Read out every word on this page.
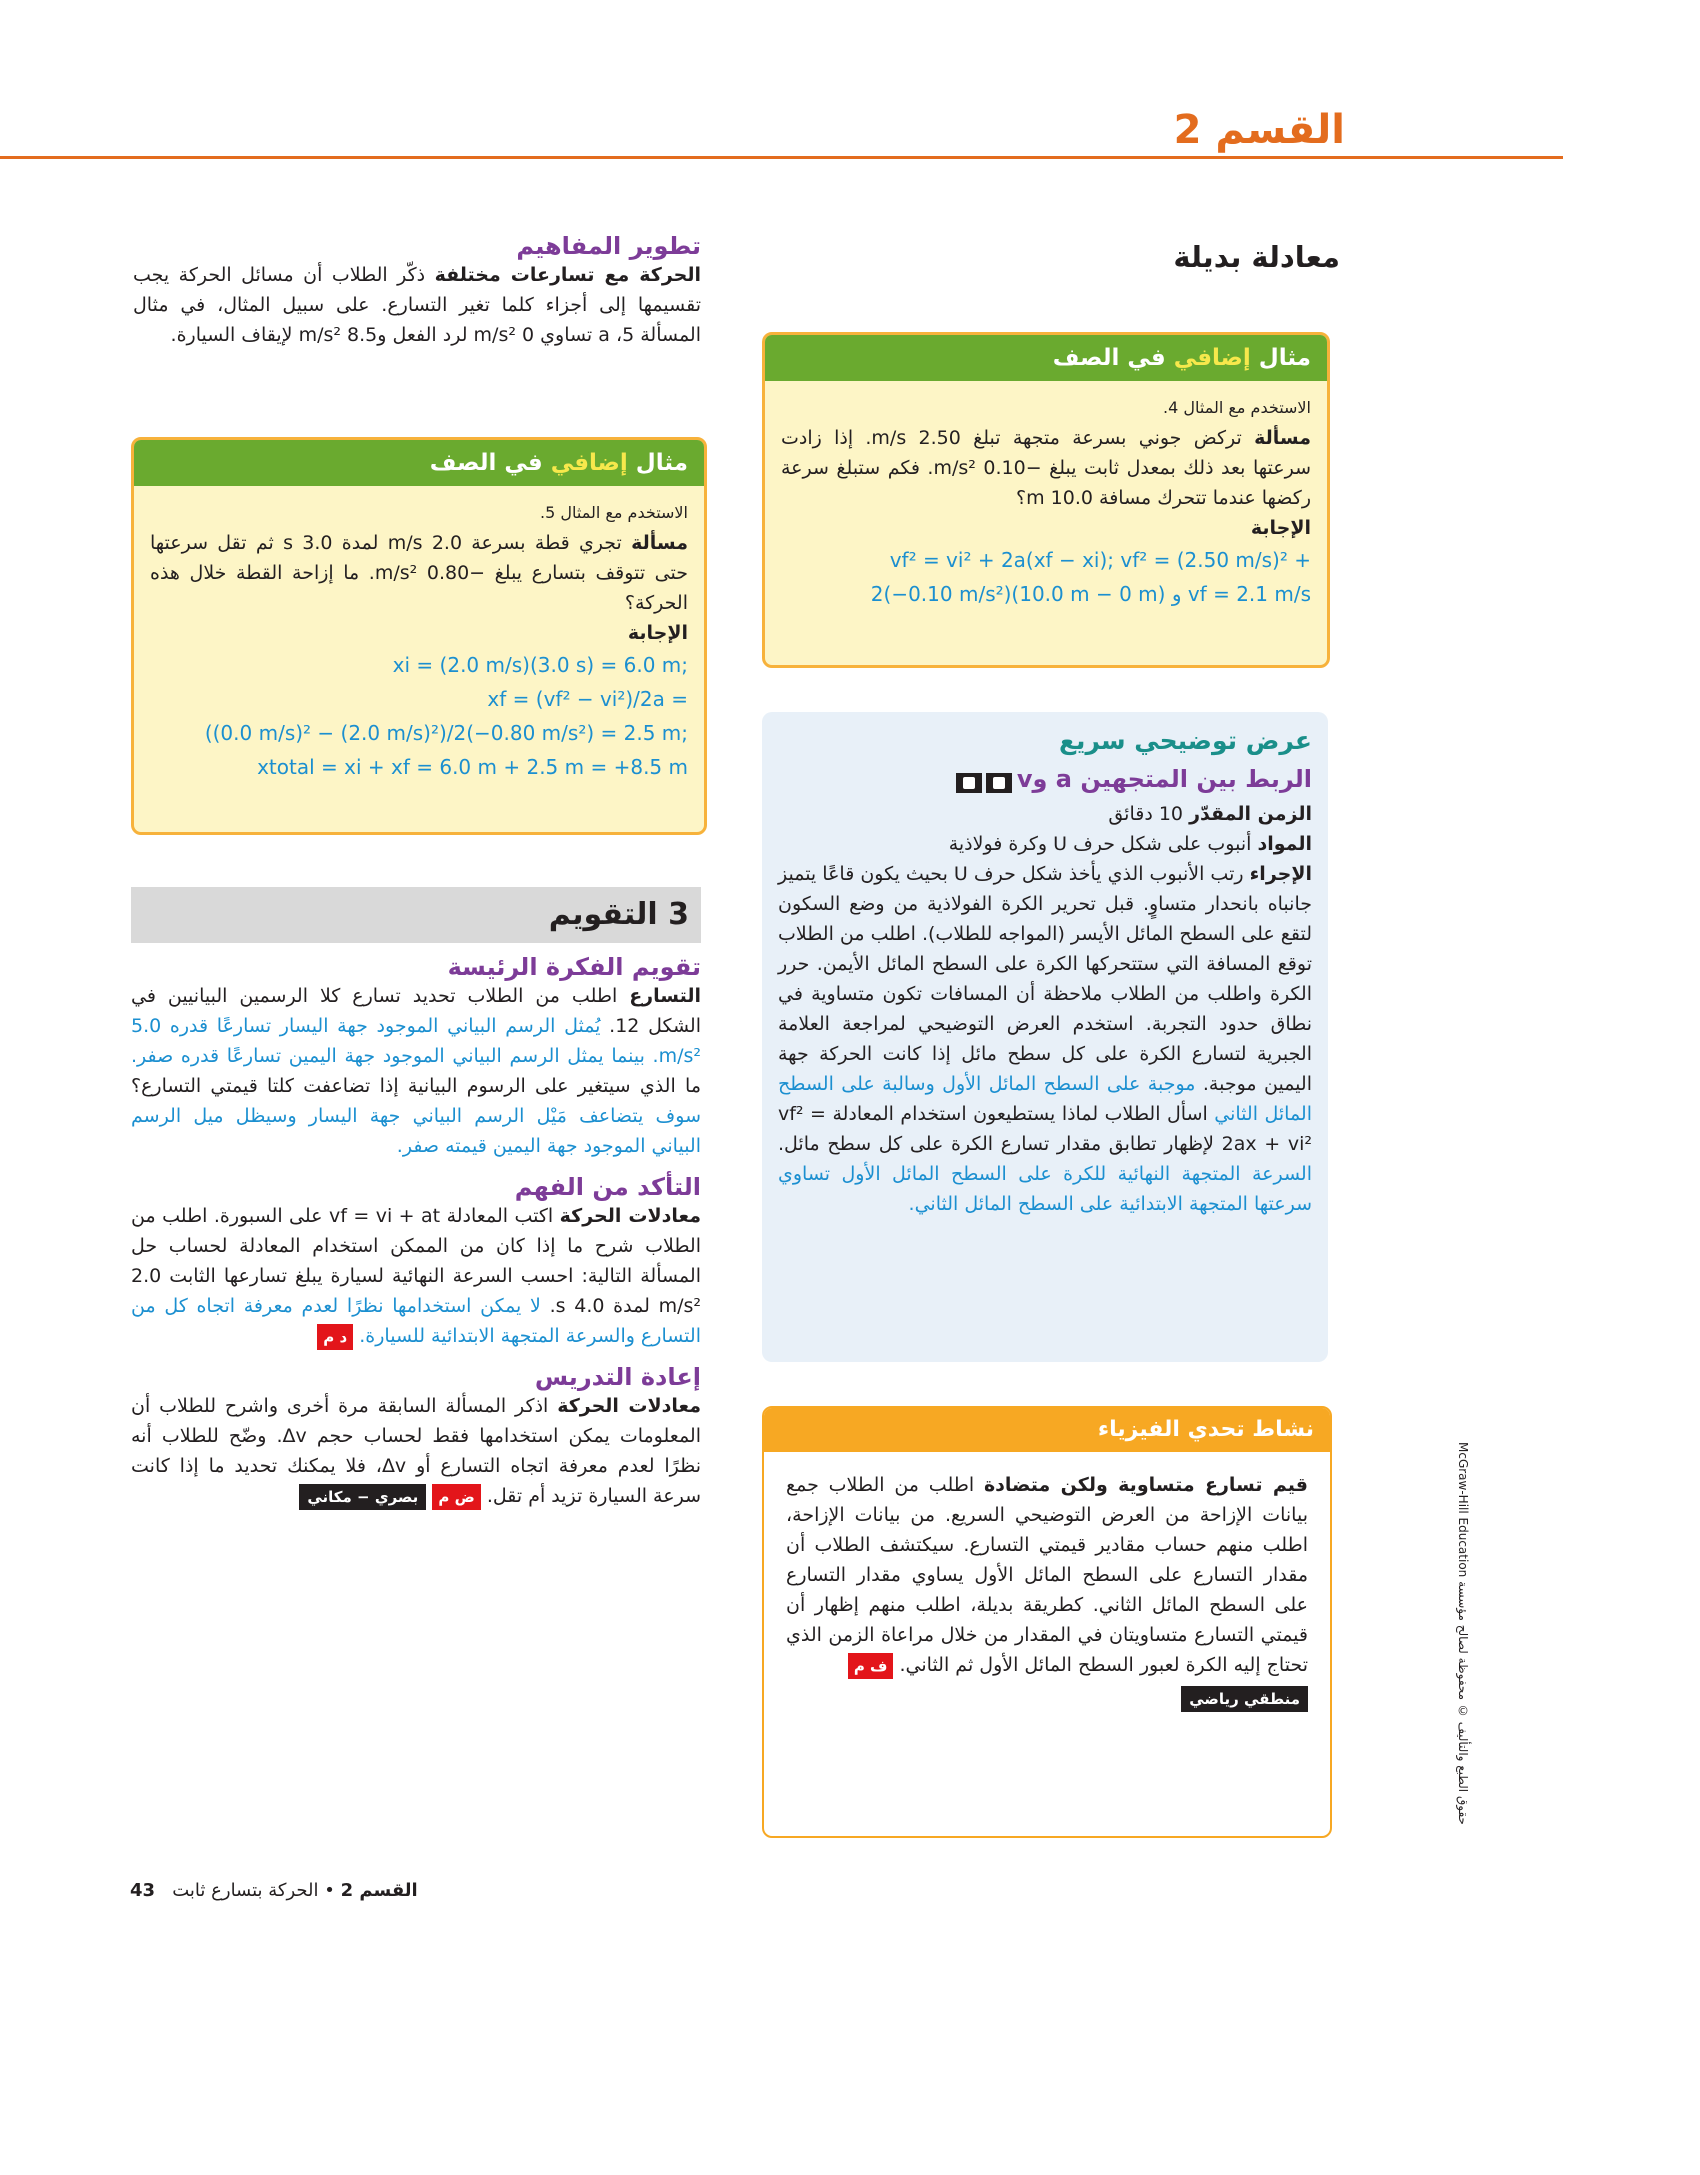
القسم 2
معادلة بديلة
مثال إضافي في الصف

الاستخدم مع المثال 4.

مسألة تركض جوني بسرعة متجهة تبلغ 2.50 m/s. إذا زادت سرعتها بعد ذلك بمعدل ثابت يبلغ −0.10 m/s². فكم ستبلغ سرعة ركضها عندما تتحرك مسافة 10.0 m؟

الإجابة

vf² = vi² + 2a(xf − xi); vf² = (2.50 m/s)² +
2(−0.10 m/s²)(10.0 m − 0 m) و vf = 2.1 m/s
عرض توضيحي سريع
الربط بين المتجهين a وv

الزمن المقدّر 10 دقائق

المواد أنبوب على شكل حرف U وكرة فولاذية

الإجراء رتب الأنبوب الذي يأخذ شكل حرف U بحيث يكون قاعًا يتميز جانباه بانحدار متساوٍ. قبل تحرير الكرة الفولاذية من وضع السكون لتقع على السطح المائل الأيسر (المواجه للطلاب). اطلب من الطلاب توقع المسافة التي ستتحركها الكرة على السطح المائل الأيمن. حرر الكرة واطلب من الطلاب ملاحظة أن المسافات تكون متساوية في نطاق حدود التجربة. استخدم العرض التوضيحي لمراجعة العلامة الجبرية لتسارع الكرة على كل سطح مائل إذا كانت الحركة جهة اليمين موجبة. موجبة على السطح المائل الأول وسالبة على السطح المائل الثاني اسأل الطلاب لماذا يستطيعون استخدام المعادلة vf² = 2ax + vi² لإظهار تطابق مقدار تسارع الكرة على كل سطح مائل. السرعة المتجهة النهائية للكرة على السطح المائل الأول تساوي سرعتها المتجهة الابتدائية على السطح المائل الثاني.

نشاط تحدي الفيزياء

قيم تسارع متساوية ولكن متضادة اطلب من الطلاب جمع بيانات الإزاحة من العرض التوضيحي السريع. من بيانات الإزاحة، اطلب منهم حساب مقادير قيمتي التسارع. سيكتشف الطلاب أن مقدار التسارع على السطح المائل الأول يساوي مقدار التسارع على السطح المائل الثاني. كطريقة بديلة، اطلب منهم إظهار أن قيمتي التسارع متساويتان في المقدار من خلال مراعاة الزمن الذي تحتاج إليه الكرة لعبور السطح المائل الأول ثم الثاني. ف م

منطقي رياضي
تطوير المفاهيم

الحركة مع تسارعات مختلفة ذكّر الطلاب أن مسائل الحركة يجب تقسيمها إلى أجزاء كلما تغير التسارع. على سبيل المثال، في مثال المسألة 5، a تساوي 0 m/s² لرد الفعل و8.5 m/s² لإيقاف السيارة.

مثال إضافي في الصف

الاستخدم مع المثال 5.

مسألة تجري قطة بسرعة 2.0 m/s لمدة 3.0 s ثم تقل سرعتها حتى تتوقف بتسارع يبلغ −0.80 m/s². ما إزاحة القطة خلال هذه الحركة؟

الإجابة

xi = (2.0 m/s)(3.0 s) = 6.0 m;
xf = (vf² − vi²)/2a =
((0.0 m/s)² − (2.0 m/s)²)/2(−0.80 m/s²) = 2.5 m;
xtotal = xi + xf = 6.0 m + 2.5 m = +8.5 m
3 التقويم
تقويم الفكرة الرئيسة

التسارع اطلب من الطلاب تحديد تسارع كلا الرسمين البيانيين في الشكل 12. يُمثل الرسم البياني الموجود جهة اليسار تسارعًا قدره 5.0 m/s². بينما يمثل الرسم البياني الموجود جهة اليمين تسارعًا قدره صفر. ما الذي سيتغير على الرسوم البيانية إذا تضاعفت كلتا قيمتي التسارع؟ سوف يتضاعف مَيْل الرسم البياني جهة اليسار وسيظل ميل الرسم البياني الموجود جهة اليمين قيمته صفر.

التأكد من الفهم

معادلات الحركة اكتب المعادلة vf = vi + at على السبورة. اطلب من الطلاب شرح ما إذا كان من الممكن استخدام المعادلة لحساب حل المسألة التالية: احسب السرعة النهائية لسيارة يبلغ تسارعها الثابت 2.0 m/s² لمدة 4.0 s. لا يمكن استخدامها نظرًا لعدم معرفة اتجاه كل من التسارع والسرعة المتجهة الابتدائية للسيارة. د م

إعادة التدريس

معادلات الحركة اذكر المسألة السابقة مرة أخرى واشرح للطلاب أن المعلومات يمكن استخدامها فقط لحساب حجم Δv. وضّح للطلاب أنه نظرًا لعدم معرفة اتجاه التسارع أو Δv، فلا يمكنك تحديد ما إذا كانت سرعة السيارة تزيد أم تقل. ض م بصري − مكاني	حقوق الطبع والتأليف © محفوظة لصالح مؤسسة McGraw-Hill Education
القسم 2 • الحركة بتسارع ثابت   43
